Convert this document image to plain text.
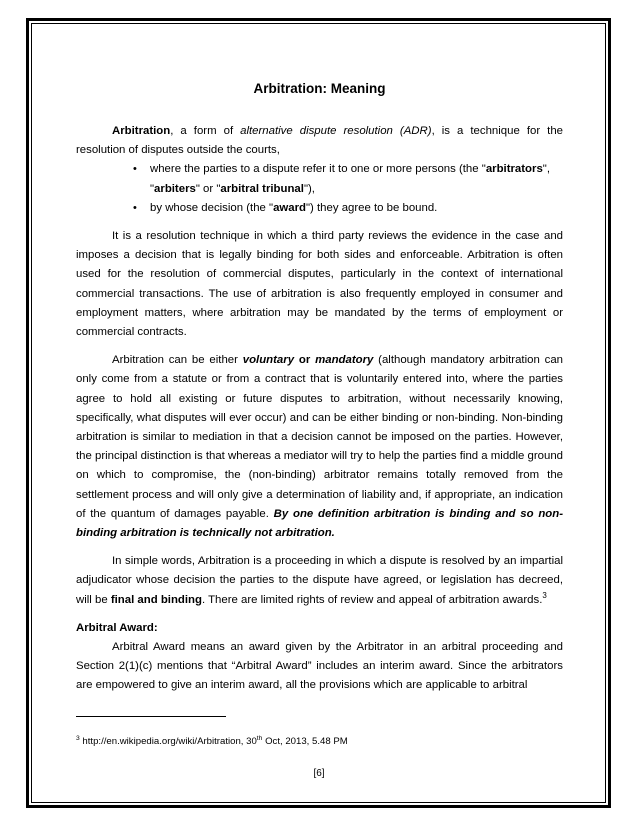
Arbitration: Meaning

Arbitration, a form of alternative dispute resolution (ADR), is a technique for the resolution of disputes outside the courts,

• where the parties to a dispute refer it to one or more persons (the "arbitrators", "arbiters" or "arbitral tribunal"),
• by whose decision (the "award") they agree to be bound.

It is a resolution technique in which a third party reviews the evidence in the case and imposes a decision that is legally binding for both sides and enforceable. Arbitration is often used for the resolution of commercial disputes, particularly in the context of international commercial transactions. The use of arbitration is also frequently employed in consumer and employment matters, where arbitration may be mandated by the terms of employment or commercial contracts.

Arbitration can be either voluntary or mandatory (although mandatory arbitration can only come from a statute or from a contract that is voluntarily entered into, where the parties agree to hold all existing or future disputes to arbitration, without necessarily knowing, specifically, what disputes will ever occur) and can be either binding or non-binding. Non-binding arbitration is similar to mediation in that a decision cannot be imposed on the parties. However, the principal distinction is that whereas a mediator will try to help the parties find a middle ground on which to compromise, the (non-binding) arbitrator remains totally removed from the settlement process and will only give a determination of liability and, if appropriate, an indication of the quantum of damages payable. By one definition arbitration is binding and so non-binding arbitration is technically not arbitration.

In simple words, Arbitration is a proceeding in which a dispute is resolved by an impartial adjudicator whose decision the parties to the dispute have agreed, or legislation has decreed, will be final and binding. There are limited rights of review and appeal of arbitration awards.$^3$

Arbitral Award:

Arbitral Award means an award given by the Arbitrator in an arbitral proceeding and Section 2(1)(c) mentions that “Arbitral Award” includes an interim award. Since the arbitrators are empowered to give an interim award, all the provisions which are applicable to arbitral

$^3$ http://en.wikipedia.org/wiki/Arbitration, 30th Oct, 2013, 5.48 PM
[6]
